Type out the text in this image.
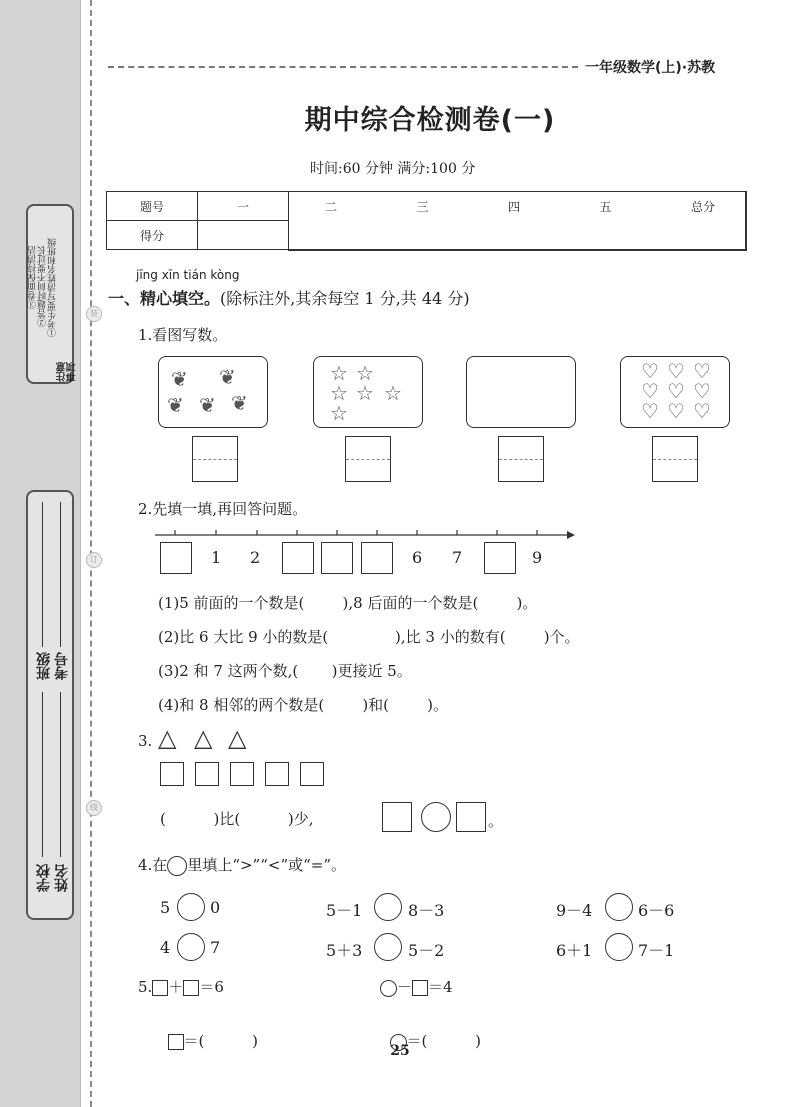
装
订
线
注意事项
①考生要写清姓名和班级
②答题时间不要过长
③卷面保持清洁
学校 姓名
班级 考号
一年级数学(上)·苏教
期中综合检测卷(一)
时间:60 分钟 满分:100 分
题号	一	二 三 四 五 总分

得分		
jīng xīn tián kòng
一、精心填空。(除标注外,其余每空 1 分,共 44 分)
1.看图写数。
❦ ❦
❦ ❦ ❦
☆ ☆
☆ ☆ ☆
☆
♡ ♡ ♡
♡ ♡ ♡
♡ ♡ ♡
2.先填一填,再回答问题。
1 2	6 7	9
(1)5 前面的一个数是(        ),8 后面的一个数是(        )。
(2)比 6 大比 9 小的数是(              ),比 3 小的数有(        )个。
(3)2 和 7 这两个数,(       )更接近 5。
(4)和 8 相邻的两个数是(        )和(        )。
3. △ △ △
(          )比(          )少,	。
4.在 里填上“>”“<”或“=”。
5 0	5－1	8－3	9－4	6－6
4 7	5＋3	5－2	6＋1	7－1
5. ＋ ＝6	－ ＝4

＝(          )	＝(          )

25
